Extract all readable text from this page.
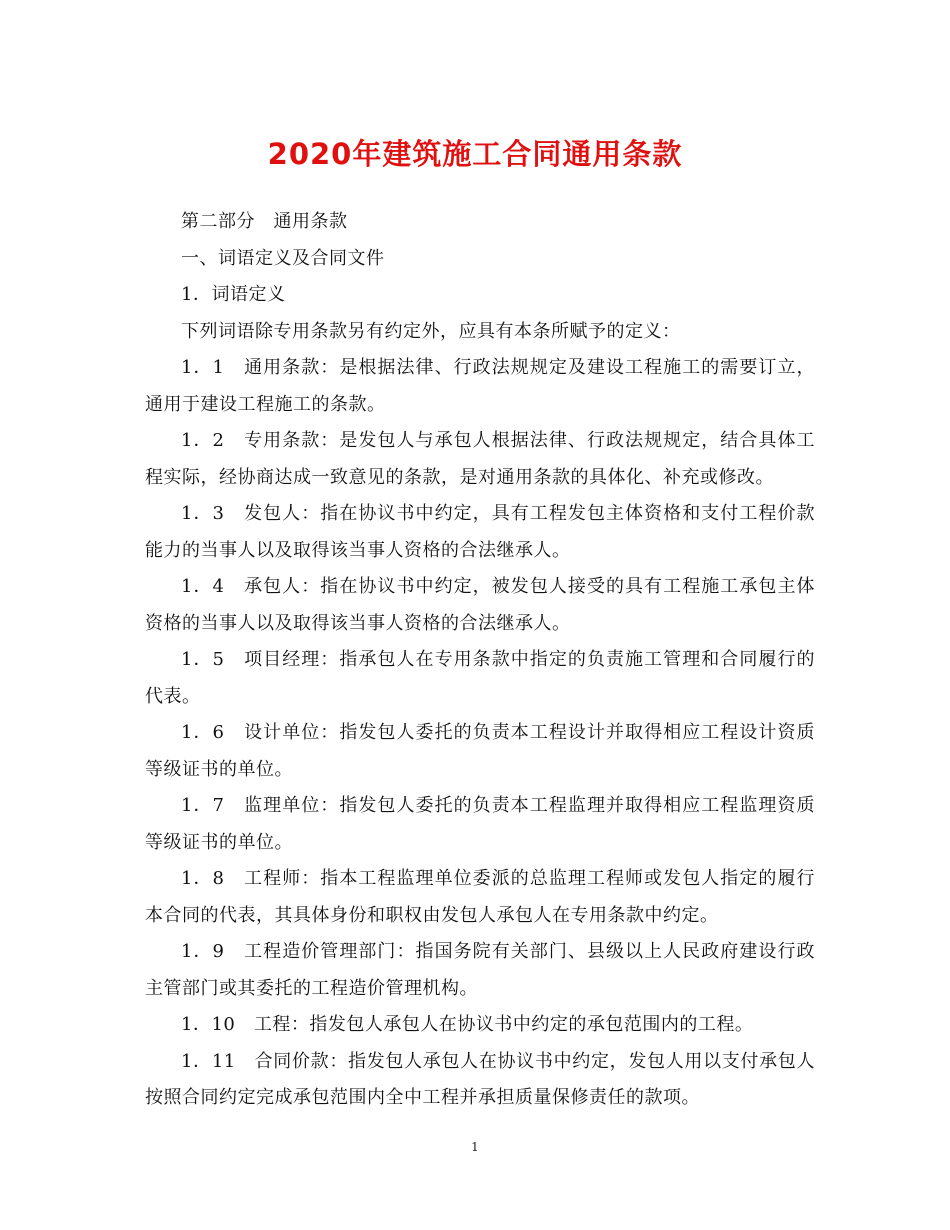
2020年建筑施工合同通用条款

第二部分　通用条款

一、词语定义及合同文件

1．词语定义

下列词语除专用条款另有约定外，应具有本条所赋予的定义：

1．1　通用条款：是根据法律、行政法规规定及建设工程施工的需要订立，通用于建设工程施工的条款。

1．2　专用条款：是发包人与承包人根据法律、行政法规规定，结合具体工程实际，经协商达成一致意见的条款，是对通用条款的具体化、补充或修改。

1．3　发包人：指在协议书中约定，具有工程发包主体资格和支付工程价款能力的当事人以及取得该当事人资格的合法继承人。

1．4　承包人：指在协议书中约定，被发包人接受的具有工程施工承包主体资格的当事人以及取得该当事人资格的合法继承人。

1．5　项目经理：指承包人在专用条款中指定的负责施工管理和合同履行的代表。

1．6　设计单位：指发包人委托的负责本工程设计并取得相应工程设计资质等级证书的单位。

1．7　监理单位：指发包人委托的负责本工程监理并取得相应工程监理资质等级证书的单位。

1．8　工程师：指本工程监理单位委派的总监理工程师或发包人指定的履行本合同的代表，其具体身份和职权由发包人承包人在专用条款中约定。

1．9　工程造价管理部门：指国务院有关部门、县级以上人民政府建设行政主管部门或其委托的工程造价管理机构。

1．10　工程：指发包人承包人在协议书中约定的承包范围内的工程。

1．11　合同价款：指发包人承包人在协议书中约定，发包人用以支付承包人按照合同约定完成承包范围内全中工程并承担质量保修责任的款项。

1
